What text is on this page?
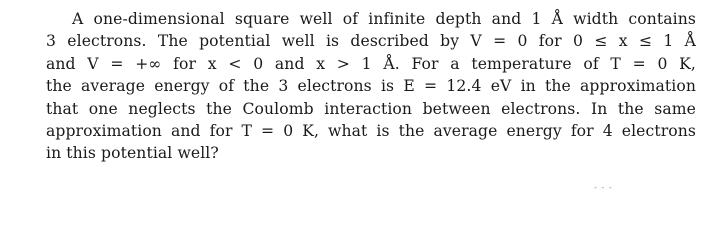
A one-dimensional square well of infinite depth and 1 Å width contains
3 electrons. The potential well is described by V = 0 for 0 ≤ x ≤ 1 Å
and V = +∞ for x < 0 and x > 1 Å. For a temperature of T = 0 K,
the average energy of the 3 electrons is E = 12.4 eV in the approximation
that one neglects the Coulomb interaction between electrons. In the same
approximation and for T = 0 K, what is the average energy for 4 electrons
in this potential well?
- - -
